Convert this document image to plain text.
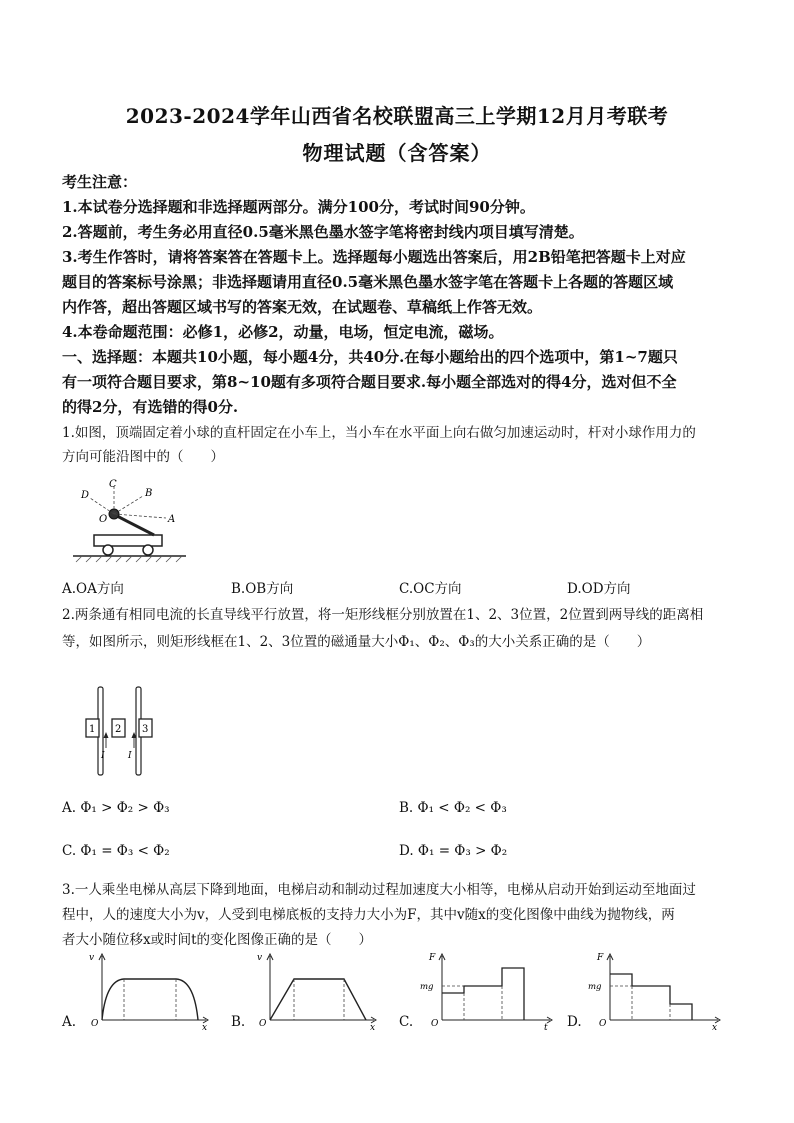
2023-2024学年山西省名校联盟高三上学期12月月考联考
物理试题（含答案）
考生注意：
1.本试卷分选择题和非选择题两部分。满分100分，考试时间90分钟。
2.答题前，考生务必用直径0.5毫米黑色墨水签字笔将密封线内项目填写清楚。
3.考生作答时，请将答案答在答题卡上。选择题每小题选出答案后，用2B铅笔把答题卡上对应
题目的答案标号涂黑；非选择题请用直径0.5毫米黑色墨水签字笔在答题卡上各题的答题区域
内作答，超出答题区域书写的答案无效，在试题卷、草稿纸上作答无效。
4.本卷命题范围：必修1，必修2，动量，电场，恒定电流，磁场。
一、选择题：本题共10小题，每小题4分，共40分.在每小题给出的四个选项中，第1~7题只
有一项符合题目要求，第8~10题有多项符合题目要求.每小题全部选对的得4分，选对但不全
的得2分，有选错的得0分.
1.如图，顶端固定着小球的直杆固定在小车上，当小车在水平面上向右做匀加速运动时，杆对小球作用力的
方向可能沿图中的（　　）
A
B
C
D
O
A.OA方向	B.OB方向	C.OC方向	D.OD方向
2.两条通有相同电流的长直导线平行放置，将一矩形线框分别放置在1、2、3位置，2位置到两导线的距离相
等，如图所示，则矩形线框在1、2、3位置的磁通量大小Φ₁、Φ₂、Φ₃的大小关系正确的是（　　）
1 2 3
I	I
A. Φ₁ > Φ₂ > Φ₃	B. Φ₁ < Φ₂ < Φ₃
C. Φ₁ = Φ₃ < Φ₂	D. Φ₁ = Φ₃ > Φ₂
3.一人乘坐电梯从高层下降到地面，电梯启动和制动过程加速度大小相等，电梯从启动开始到运动至地面过
程中，人的速度大小为v，人受到电梯底板的支持力大小为F，其中v随x的变化图像中曲线为抛物线，两
者大小随位移x或时间t的变化图像正确的是（　　）
A.
v
x
O	B.
v
x
O	C.
F
mg
t
O	D.
F
mg
x
O
